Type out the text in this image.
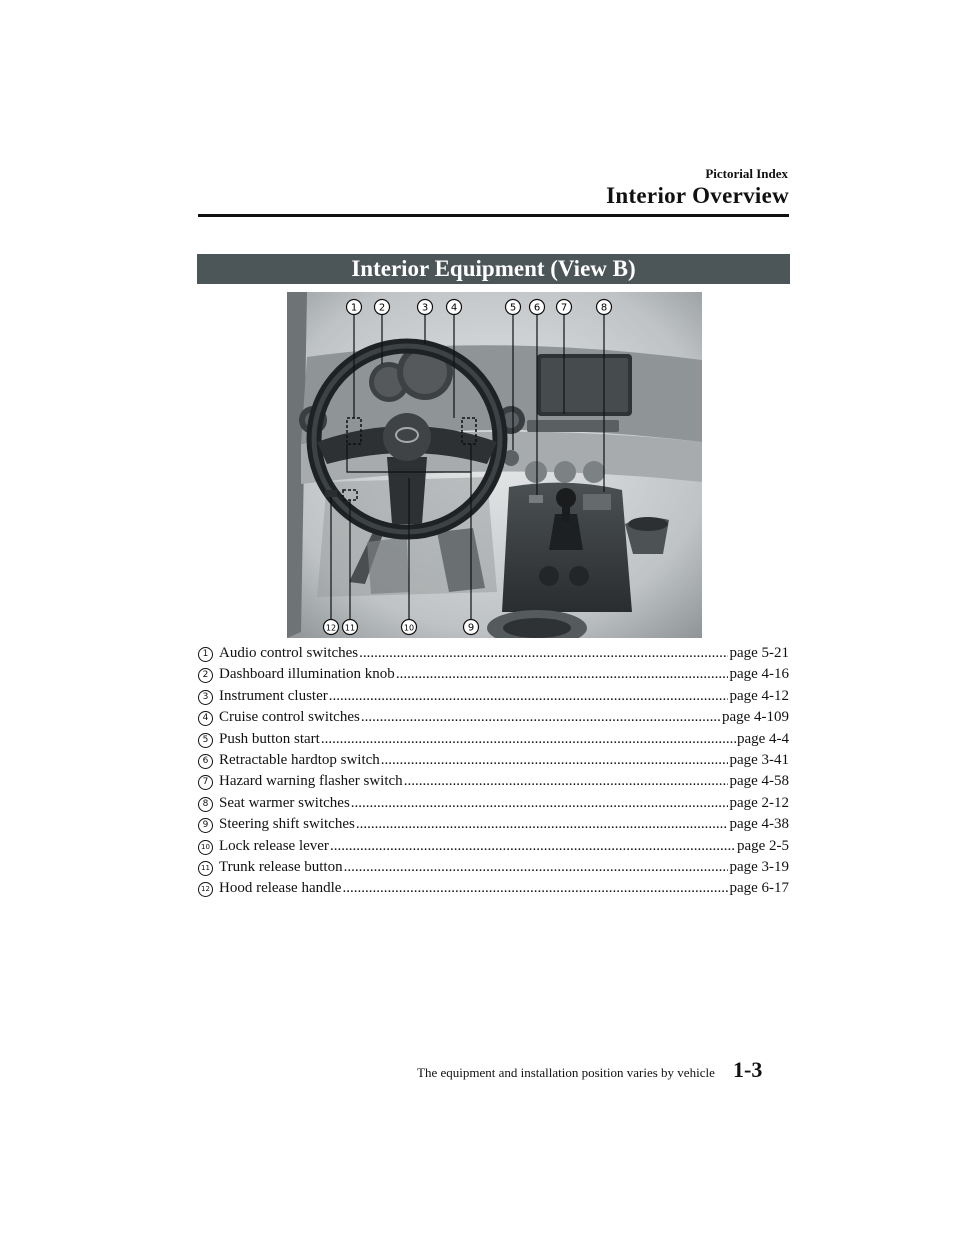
Pictorial Index
Interior Overview
Interior Equipment (View B)
1 2	3 4	5 6 7	8
9
10
11
12
1 Audio control switches .....	page 5-21
2 Dashboard illumination knob .....	page 4-16
3 Instrument cluster .....	page 4-12
4 Cruise control switches .....	page 4-109
5 Push button start .....	page 4-4
6 Retractable hardtop switch .....	page 3-41
7 Hazard warning flasher switch .....	page 4-58
8 Seat warmer switches .....	page 2-12
9 Steering shift switches .....	page 4-38
10 Lock release lever .....	page 2-5
11 Trunk release button .....	page 3-19
12 Hood release handle .....	page 6-17
The equipment and installation position varies by vehicle 1-3
